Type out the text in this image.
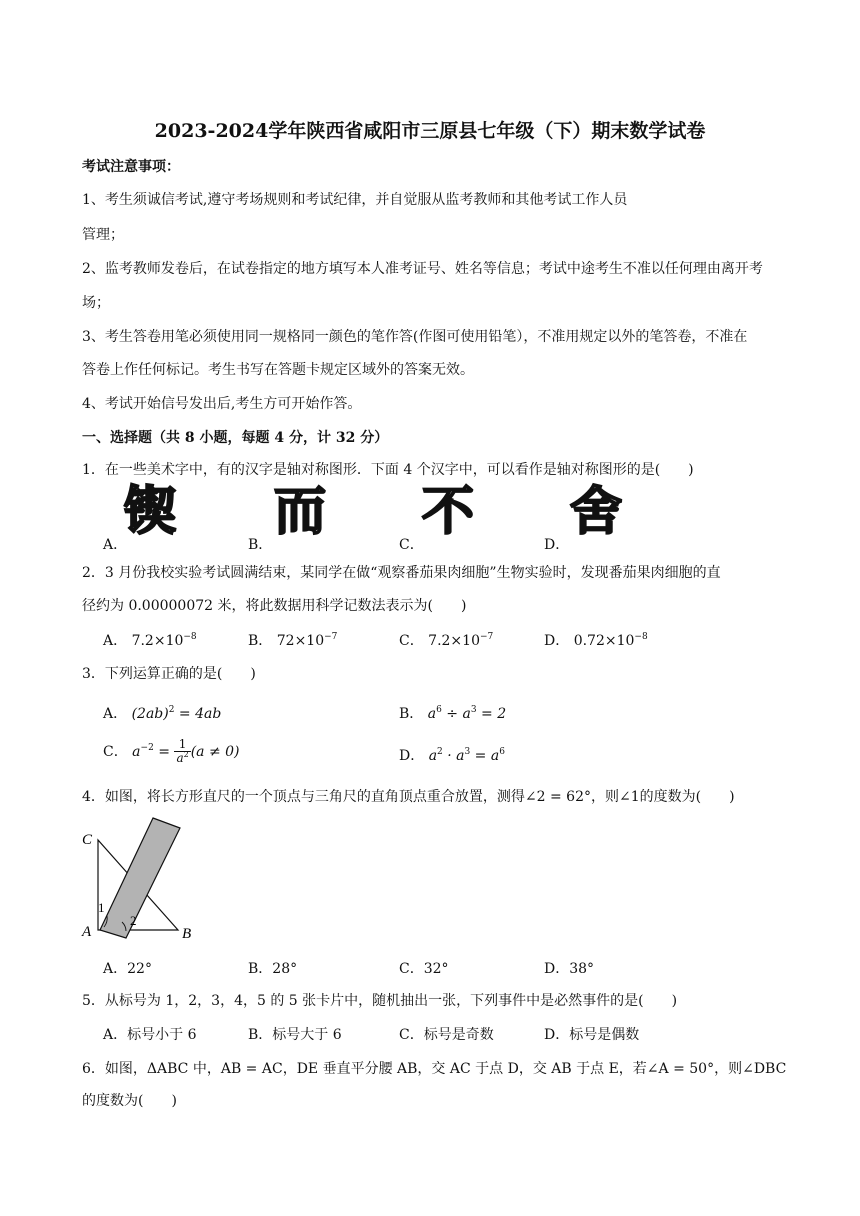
2023-2024学年陕西省咸阳市三原县七年级（下）期末数学试卷
考试注意事项：
1、考生须诚信考试,遵守考场规则和考试纪律，并自觉服从监考教师和其他考试工作人员
管理；
2、监考教师发卷后，在试卷指定的地方填写本人准考证号、姓名等信息；考试中途考生不准以任何理由离开考
场；
3、考生答卷用笔必须使用同一规格同一颜色的笔作答(作图可使用铅笔），不准用规定以外的笔答卷，不准在
答卷上作任何标记。考生书写在答题卡规定区域外的答案无效。
4、考试开始信号发出后,考生方可开始作答。
一、选择题（共 8 小题，每题 4 分，计 32 分）
1．在一些美术字中，有的汉字是轴对称图形．下面 4 个汉字中，可以看作是轴对称图形的是(　　)
A．
锲
B．
而
C．
不
D．
舍
2．3 月份我校实验考试圆满结束，某同学在做“观察番茄果肉细胞”生物实验时，发现番茄果肉细胞的直
径约为 0.00000072 米，将此数据用科学记数法表示为(　　)
A． $7.2\times 10^{-8}$	B． $72\times 10^{-7}$	C． $7.2\times 10^{-7}$	D． $0.72\times 10^{-8}$
3．下列运算正确的是(　　)
A． $(2ab)^2 = 4ab$	B． $a^6 \div a^3 = 2$
C． $a^{-2} = \frac{1}{a^2} (a \ne 0)$	D． $a^2 \cdot a^3 = a^6$
4．如图，将长方形直尺的一个顶点与三角尺的直角顶点重合放置，测得∠2 = 62°，则∠1的度数为(　　)
C
A	B
1
2
A．22°	B．28°	C．32°	D．38°
5．从标号为 1，2，3，4，5 的 5 张卡片中，随机抽出一张，下列事件中是必然事件的是(　　)
A．标号小于 6	B．标号大于 6	C．标号是奇数	D．标号是偶数
6．如图，ΔABC 中，AB = AC，DE 垂直平分腰 AB，交 AC 于点 D，交 AB 于点 E，若∠A = 50°，则∠DBC
的度数为(　　)
